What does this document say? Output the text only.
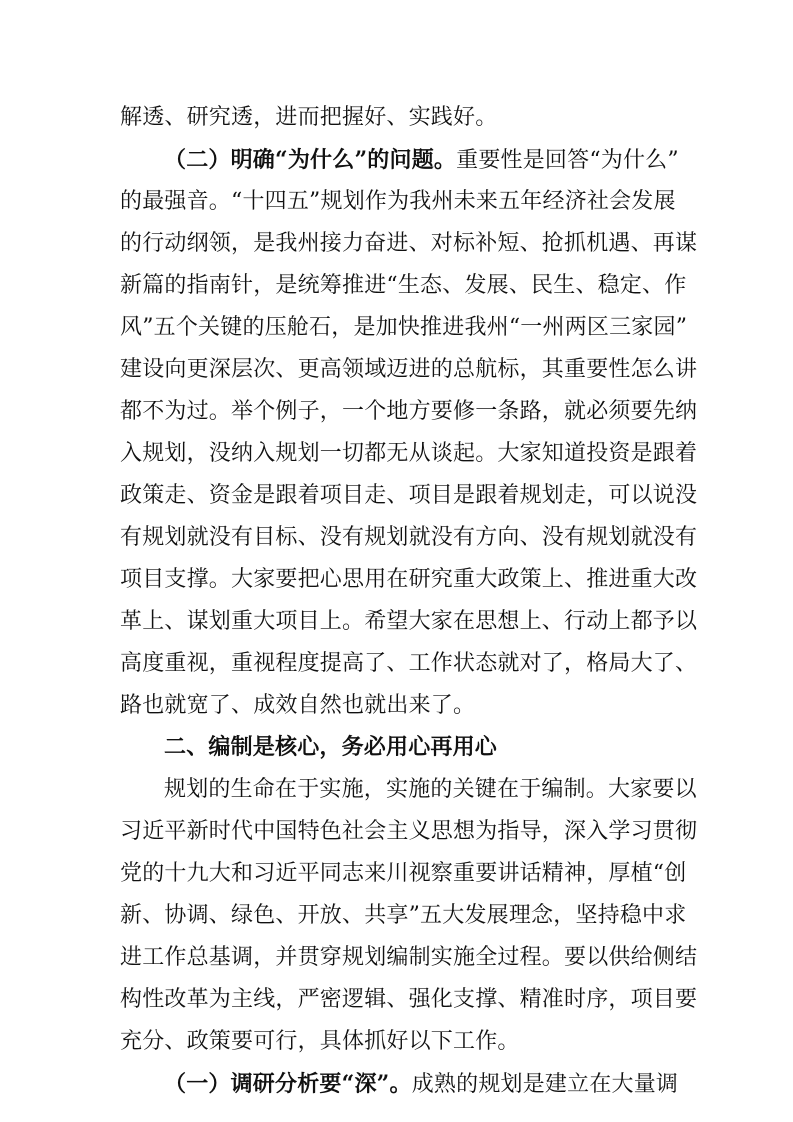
解透、研究透，进而把握好、实践好。
（二）明确“为什么”的问题。重要性是回答“为什么”
的最强音。“十四五”规划作为我州未来五年经济社会发展
的行动纲领，是我州接力奋进、对标补短、抢抓机遇、再谋
新篇的指南针，是统筹推进“生态、发展、民生、稳定、作
风”五个关键的压舱石，是加快推进我州“一州两区三家园”
建设向更深层次、更高领域迈进的总航标，其重要性怎么讲
都不为过。举个例子，一个地方要修一条路，就必须要先纳
入规划，没纳入规划一切都无从谈起。大家知道投资是跟着
政策走、资金是跟着项目走、项目是跟着规划走，可以说没
有规划就没有目标、没有规划就没有方向、没有规划就没有
项目支撑。大家要把心思用在研究重大政策上、推进重大改
革上、谋划重大项目上。希望大家在思想上、行动上都予以
高度重视，重视程度提高了、工作状态就对了，格局大了、
路也就宽了、成效自然也就出来了。
二、编制是核心，务必用心再用心
规划的生命在于实施，实施的关键在于编制。大家要以
习近平新时代中国特色社会主义思想为指导，深入学习贯彻
党的十九大和习近平同志来川视察重要讲话精神，厚植“创
新、协调、绿色、开放、共享”五大发展理念，坚持稳中求
进工作总基调，并贯穿规划编制实施全过程。要以供给侧结
构性改革为主线，严密逻辑、强化支撑、精准时序，项目要
充分、政策要可行，具体抓好以下工作。
（一）调研分析要“深”。成熟的规划是建立在大量调
